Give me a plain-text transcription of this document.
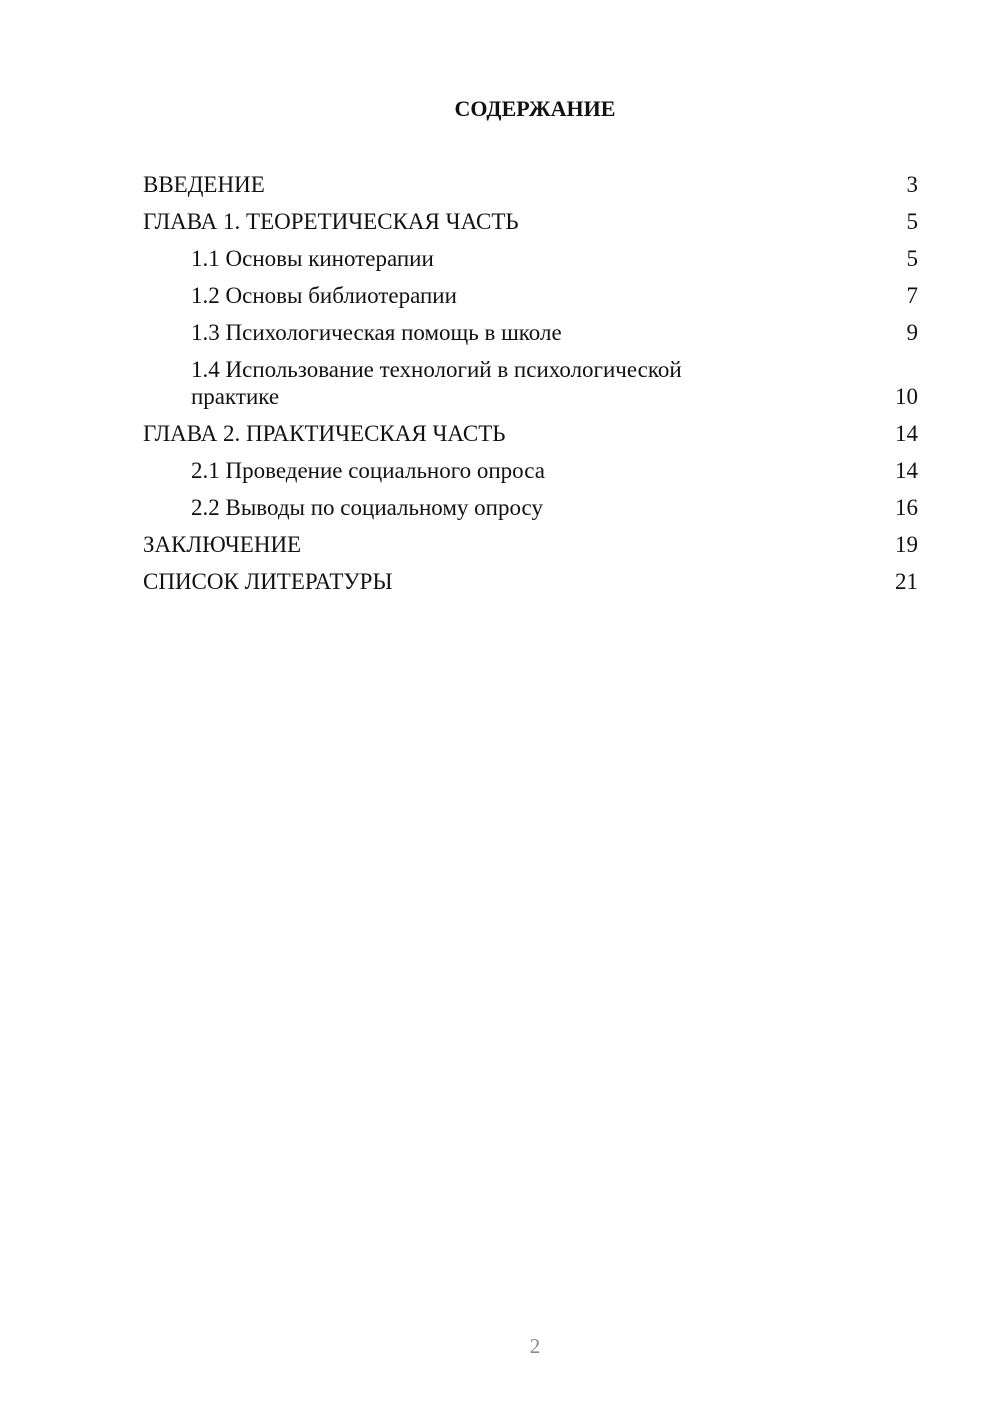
СОДЕРЖАНИЕ
ВВЕДЕНИЕ	3
ГЛАВА 1. ТЕОРЕТИЧЕСКАЯ ЧАСТЬ	5
1.1 Основы кинотерапии	5
1.2 Основы библиотерапии	7
1.3 Психологическая помощь в школе	9
1.4 Использование технологий в психологической практике	10
ГЛАВА 2. ПРАКТИЧЕСКАЯ ЧАСТЬ	14
2.1 Проведение социального опроса	14
2.2 Выводы по социальному опросу	16
ЗАКЛЮЧЕНИЕ	19
СПИСОК ЛИТЕРАТУРЫ	21
2
